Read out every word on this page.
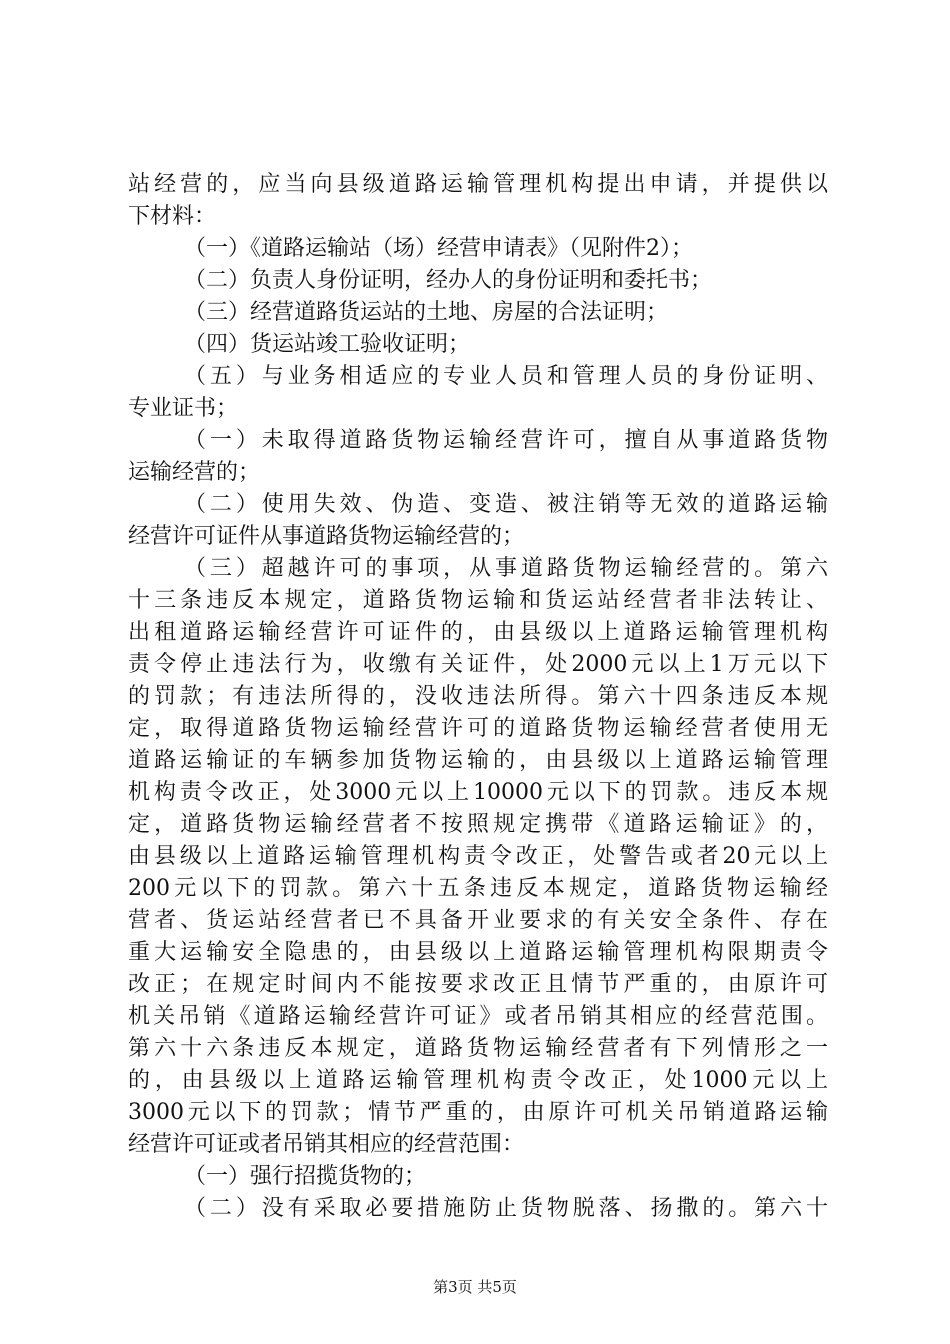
站经营的，应当向县级道路运输管理机构提出申请，并提供以
下材料：
（一）《道路运输站（场）经营申请表》（见附件2）；
（二）负责人身份证明，经办人的身份证明和委托书；
（三）经营道路货运站的土地、房屋的合法证明；
（四）货运站竣工验收证明；
（五）与业务相适应的专业人员和管理人员的身份证明、
专业证书；
（一）未取得道路货物运输经营许可，擅自从事道路货物
运输经营的；
（二）使用失效、伪造、变造、被注销等无效的道路运输
经营许可证件从事道路货物运输经营的；
（三）超越许可的事项，从事道路货物运输经营的。第六
十三条违反本规定，道路货物运输和货运站经营者非法转让、
出租道路运输经营许可证件的，由县级以上道路运输管理机构
责令停止违法行为，收缴有关证件，处2000元以上1万元以下
的罚款；有违法所得的，没收违法所得。第六十四条违反本规
定，取得道路货物运输经营许可的道路货物运输经营者使用无
道路运输证的车辆参加货物运输的，由县级以上道路运输管理
机构责令改正，处3000元以上10000元以下的罚款。违反本规
定，道路货物运输经营者不按照规定携带《道路运输证》的，
由县级以上道路运输管理机构责令改正，处警告或者20元以上
200元以下的罚款。第六十五条违反本规定，道路货物运输经
营者、货运站经营者已不具备开业要求的有关安全条件、存在
重大运输安全隐患的，由县级以上道路运输管理机构限期责令
改正；在规定时间内不能按要求改正且情节严重的，由原许可
机关吊销《道路运输经营许可证》或者吊销其相应的经营范围。
第六十六条违反本规定，道路货物运输经营者有下列情形之一
的，由县级以上道路运输管理机构责令改正，处1000元以上
3000元以下的罚款；情节严重的，由原许可机关吊销道路运输
经营许可证或者吊销其相应的经营范围：
（一）强行招揽货物的；
（二）没有采取必要措施防止货物脱落、扬撒的。第六十
第3页 共5页
